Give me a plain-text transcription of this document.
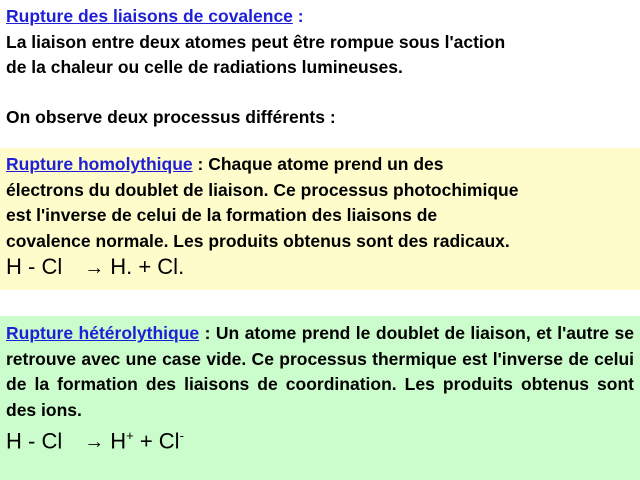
Rupture des liaisons de covalence :

La liaison entre deux atomes peut être rompue sous l'action

de la chaleur ou celle de radiations lumineuses.

On observe deux processus différents :

Rupture homolythique : Chaque atome prend un des

électrons du doublet de liaison. Ce processus photochimique

est l'inverse de celui de la formation des liaisons de

covalence normale. Les produits obtenus sont des radicaux.

H - Cl → H. + Cl.

Rupture hétérolythique : Un atome prend le doublet de liaison, et l'autre se retrouve avec une case vide. Ce processus thermique est l'inverse de celui de la formation des liaisons de coordination. Les produits obtenus sont des ions.

H - Cl → H+ + Cl-
